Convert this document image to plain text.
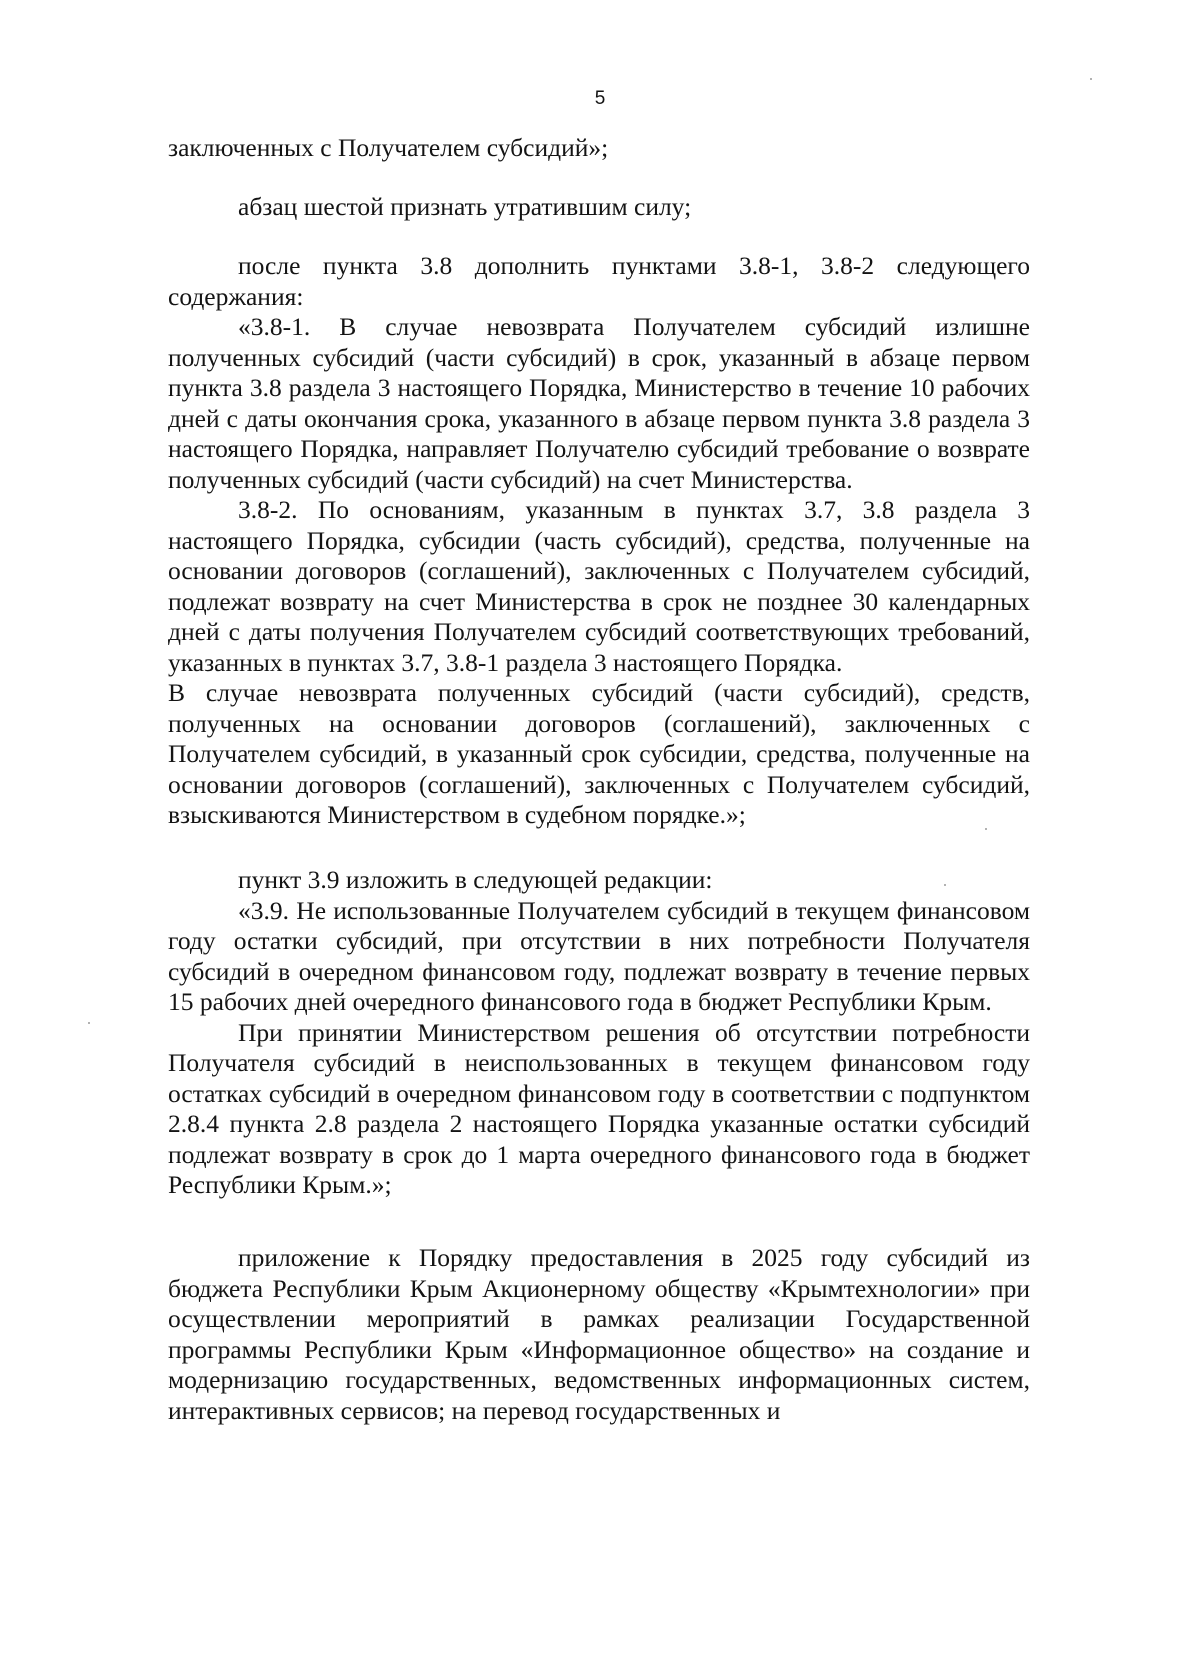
5

заключенных с Получателем субсидий»;

абзац шестой признать утратившим силу;

после пункта 3.8 дополнить пунктами 3.8-1, 3.8-2 следующего содержания:

«3.8-1. В случае невозврата Получателем субсидий излишне полученных субсидий (части субсидий) в срок, указанный в абзаце первом пункта 3.8 раздела 3 настоящего Порядка, Министерство в течение 10 рабочих дней с даты окончания срока, указанного в абзаце первом пункта 3.8 раздела 3 настоящего Порядка, направляет Получателю субсидий требование о возврате полученных субсидий (части субсидий) на счет Министерства.

3.8-2. По основаниям, указанным в пунктах 3.7, 3.8 раздела 3 настоящего Порядка, субсидии (часть субсидий), средства, полученные на основании договоров (соглашений), заключенных с Получателем субсидий, подлежат возврату на счет Министерства в срок не позднее 30 календарных дней с даты получения Получателем субсидий соответствующих требований, указанных в пунктах 3.7, 3.8-1 раздела 3 настоящего Порядка.

В случае невозврата полученных субсидий (части субсидий), средств, полученных на основании договоров (соглашений), заключенных с Получателем субсидий, в указанный срок субсидии, средства, полученные на основании договоров (соглашений), заключенных с Получателем субсидий, взыскиваются Министерством в судебном порядке.»;

пункт 3.9 изложить в следующей редакции:

«3.9. Не использованные Получателем субсидий в текущем финансовом году остатки субсидий, при отсутствии в них потребности Получателя субсидий в очередном финансовом году, подлежат возврату в течение первых 15 рабочих дней очередного финансового года в бюджет Республики Крым.

При принятии Министерством решения об отсутствии потребности Получателя субсидий в неиспользованных в текущем финансовом году остатках субсидий в очередном финансовом году в соответствии с подпунктом 2.8.4 пункта 2.8 раздела 2 настоящего Порядка указанные остатки субсидий подлежат возврату в срок до 1 марта очередного финансового года в бюджет Республики Крым.»;

приложение к Порядку предоставления в 2025 году субсидий из бюджета Республики Крым Акционерному обществу «Крымтехнологии» при осуществлении мероприятий в рамках реализации Государственной программы Республики Крым «Информационное общество» на создание и модернизацию государственных, ведомственных информационных систем, интерактивных сервисов; на перевод государственных и
